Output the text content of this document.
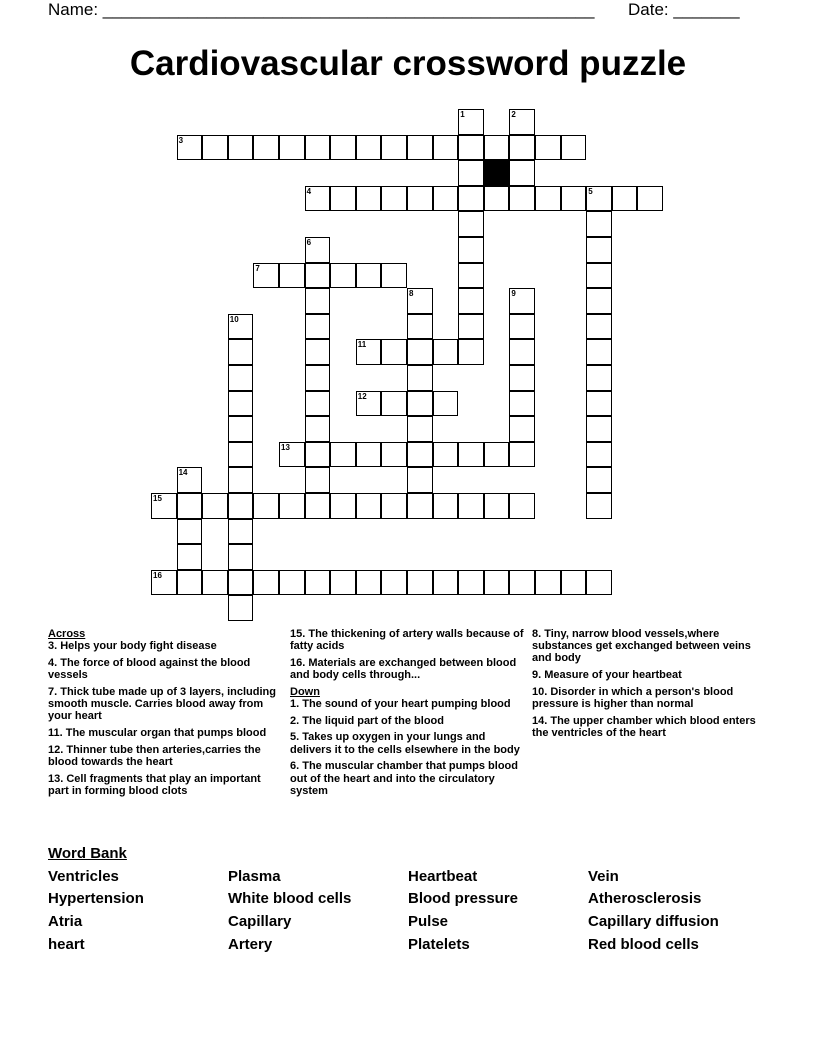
Name: ____________________________________________________ Date: _______
Cardiovascular crossword puzzle
3
4	5
7
11
12
13
15
16
1	2
6
8	9
10
14
Across
3. Helps your body fight disease
4. The force of blood against the blood vessels
7. Thick tube made up of 3 layers, including smooth muscle. Carries blood away from your heart
11. The muscular organ that pumps blood
12. Thinner tube then arteries,carries the blood towards the heart
13. Cell fragments that play an important part in forming blood clots
15. The thickening of artery walls because of fatty acids
16. Materials are exchanged between blood and body cells through...
Down
1. The sound of your heart pumping blood
2. The liquid part of the blood
5. Takes up oxygen in your lungs and delivers it to the cells elsewhere in the body
6. The muscular chamber that pumps blood out of the heart and into the circulatory system
8. Tiny, narrow blood vessels,where substances get exchanged between veins and body
9. Measure of your heartbeat
10. Disorder in which a person's blood pressure is higher than normal
14. The upper chamber which blood enters the ventricles of the heart
Word Bank
Ventricles
Hypertension
Atria
heart
Plasma
White blood cells
Capillary
Artery
Heartbeat
Blood pressure
Pulse
Platelets
Vein
Atherosclerosis
Capillary diffusion
Red blood cells
